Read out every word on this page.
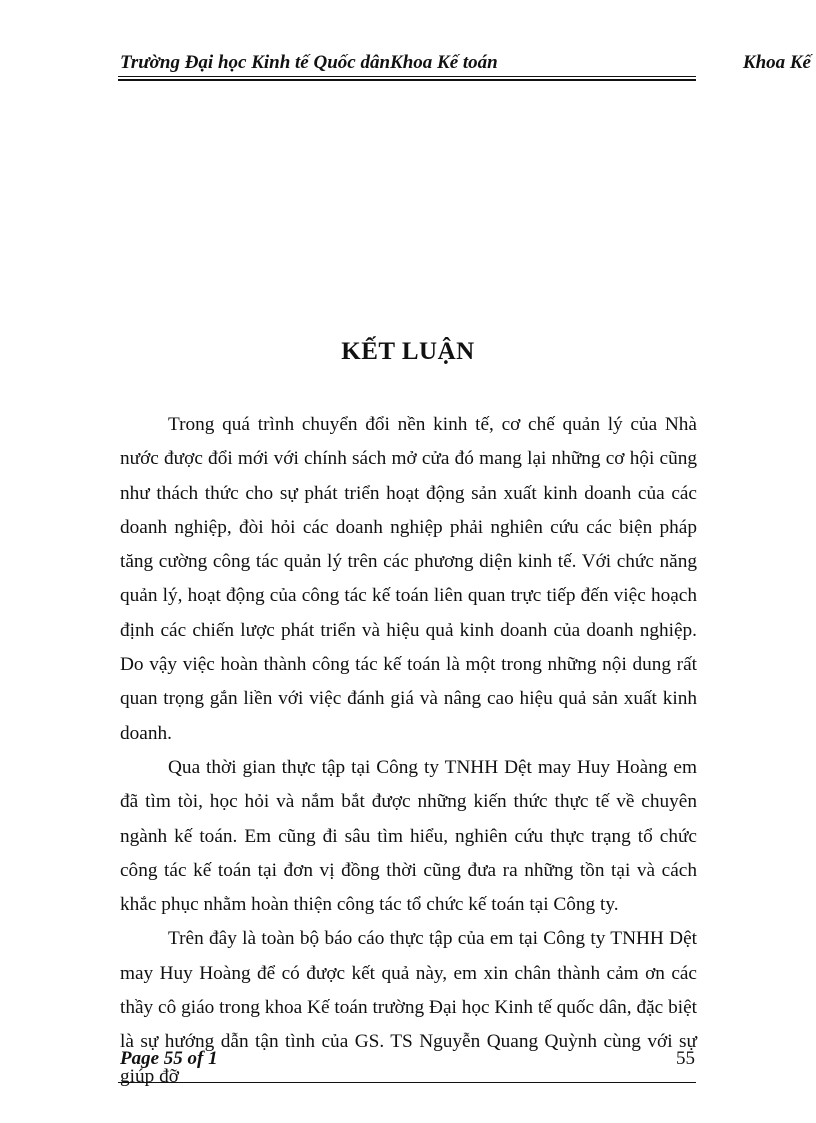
Trường Đại học Kinh tế Quốc dânKhoa Kế toán	Khoa Kế
KẾT LUẬN

Trong quá trình chuyển đổi nền kinh tế, cơ chế quản lý của Nhà nước được đổi mới với chính sách mở cửa đó mang lại những cơ hội cũng như thách thức cho sự phát triển hoạt động sản xuất kinh doanh của các doanh nghiệp, đòi hỏi các doanh nghiệp phải nghiên cứu các biện pháp tăng cường công tác quản lý trên các phương diện kinh tế. Với chức năng quản lý, hoạt động của công tác kế toán liên quan trực tiếp đến việc hoạch định các chiến lược phát triển và hiệu quả kinh doanh của doanh nghiệp. Do vậy việc hoàn thành công tác kế toán là một trong những nội dung rất quan trọng gắn liền với việc đánh giá và nâng cao hiệu quả sản xuất kinh doanh.

Qua thời gian thực tập tại Công ty TNHH Dệt may Huy Hoàng em đã tìm tòi, học hỏi và nắm bắt được những kiến thức thực tế về chuyên ngành kế toán. Em cũng đi sâu tìm hiểu, nghiên cứu thực trạng tổ chức công tác kế toán tại đơn vị đồng thời cũng đưa ra những tồn tại và cách khắc phục nhằm hoàn thiện công tác tổ chức kế toán tại Công ty.

Trên đây là toàn bộ báo cáo thực tập của em tại Công ty TNHH Dệt may Huy Hoàng để có được kết quả này, em xin chân thành cảm ơn các thầy cô giáo trong khoa Kế toán trường Đại học Kinh tế quốc dân, đặc biệt là sự hướng dẫn tận tình của GS. TS Nguyễn Quang Quỳnh cùng với sự giúp đỡ

Page 55 of 1	55
